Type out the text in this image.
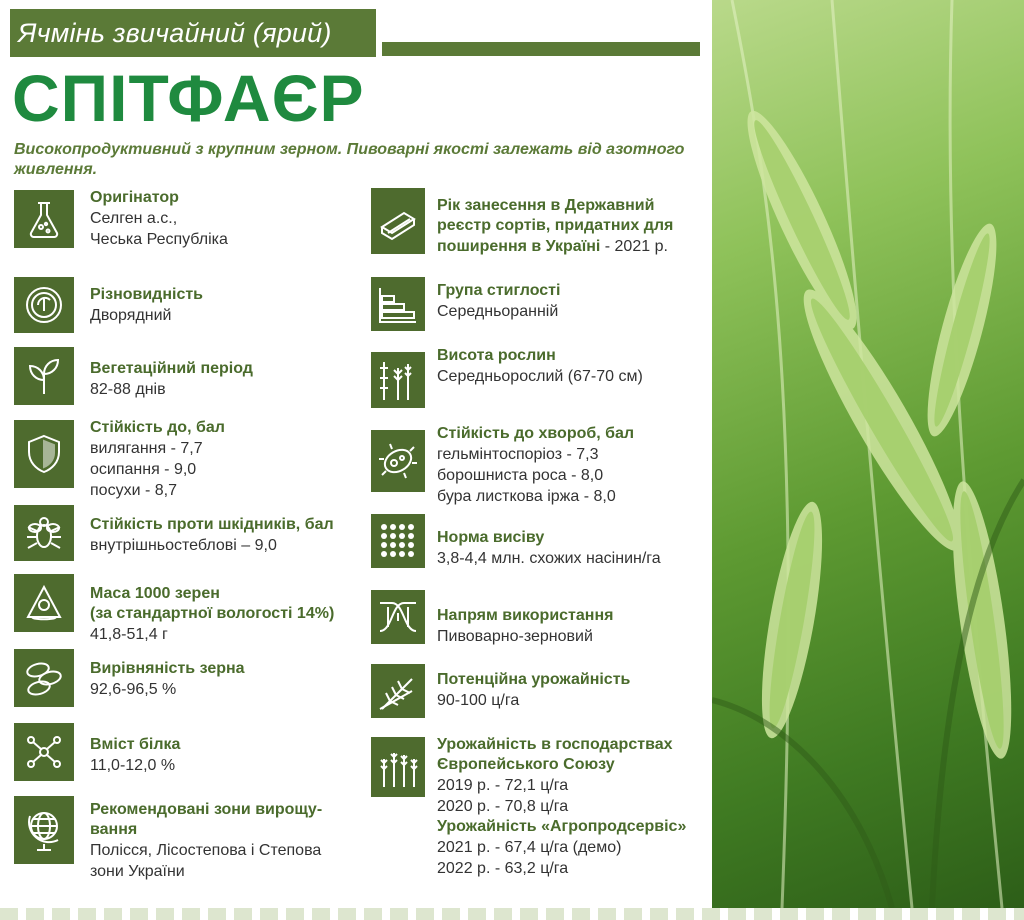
Ячмінь звичайний (ярий)
СПІТФАЄР
Високопродуктивний з крупним зерном. Пивоварні якості залежать від азотного живлення.
Оригінатор
Селген а.с.,
Чеська Республіка
Різновидність
Дворядний
Вегетаційний період
82-88 днів
Стійкість до, бал
вилягання - 7,7
осипання - 9,0
посухи - 8,7
Стійкість проти шкідників, бал
внутрішньостеблові – 9,0
Маса 1000 зерен
(за стандартної вологості 14%)
41,8-51,4 г
Вирівняність зерна
92,6-96,5 %
Вміст білка
11,0-12,0 %
Рекомендовані зони вирощу-
вання
Полісся, Лісостепова і Степова
зони України
Рік занесення в Державний
реєстр сортів, придатних для
поширення в Україні - 2021 р.
Група стиглості
Середньоранній
Висота рослин
Середньорослий (67-70 см)
Стійкість до хвороб, бал
гельмінтоспоріоз - 7,3
борошниста роса - 8,0
бура листкова іржа - 8,0
Норма висіву
3,8-4,4 млн. схожих насінин/га
Напрям використання
Пивоварно-зерновий
Потенційна урожайність
90-100 ц/га
Урожайність в господарствах
Європейського Союзу
2019 р. - 72,1 ц/га
2020 р. - 70,8 ц/га
Урожайність «Агропродсервіс»
2021 р. - 67,4 ц/га (демо)
2022 р. - 63,2 ц/га
